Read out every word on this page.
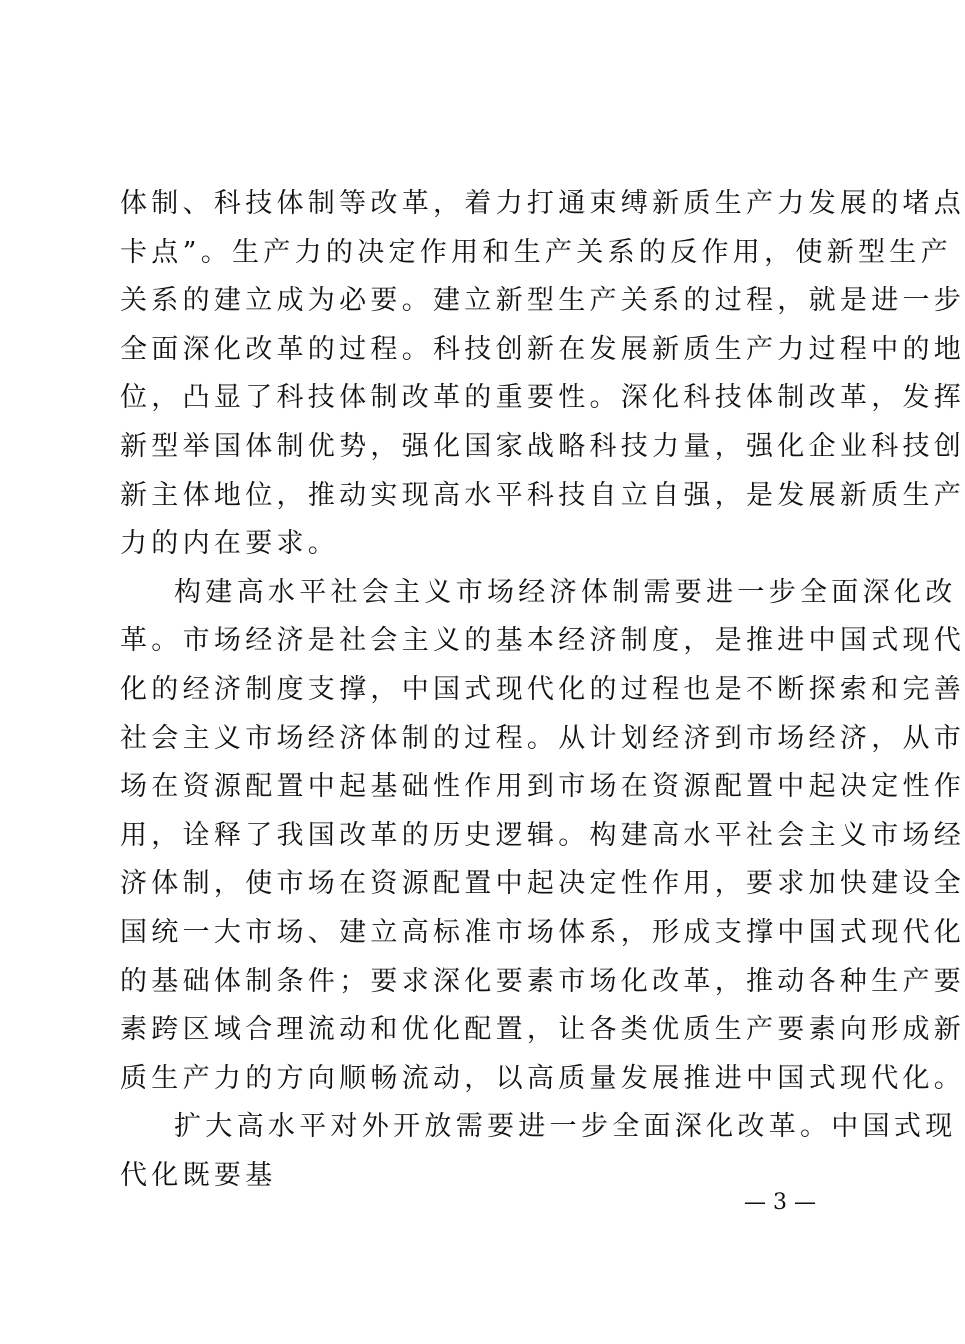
体制、科技体制等改革，着力打通束缚新质生产力发展的堵点
卡点”。生产力的决定作用和生产关系的反作用，使新型生产
关系的建立成为必要。建立新型生产关系的过程，就是进一步
全面深化改革的过程。科技创新在发展新质生产力过程中的地
位，凸显了科技体制改革的重要性。深化科技体制改革，发挥
新型举国体制优势，强化国家战略科技力量，强化企业科技创
新主体地位，推动实现高水平科技自立自强，是发展新质生产
力的内在要求。
构建高水平社会主义市场经济体制需要进一步全面深化改
革。市场经济是社会主义的基本经济制度，是推进中国式现代
化的经济制度支撑，中国式现代化的过程也是不断探索和完善
社会主义市场经济体制的过程。从计划经济到市场经济，从市
场在资源配置中起基础性作用到市场在资源配置中起决定性作
用，诠释了我国改革的历史逻辑。构建高水平社会主义市场经
济体制，使市场在资源配置中起决定性作用，要求加快建设全
国统一大市场、建立高标准市场体系，形成支撑中国式现代化
的基础体制条件；要求深化要素市场化改革，推动各种生产要
素跨区域合理流动和优化配置，让各类优质生产要素向形成新
质生产力的方向顺畅流动，以高质量发展推进中国式现代化。
扩大高水平对外开放需要进一步全面深化改革。中国式现
代化既要基
— 3 —
